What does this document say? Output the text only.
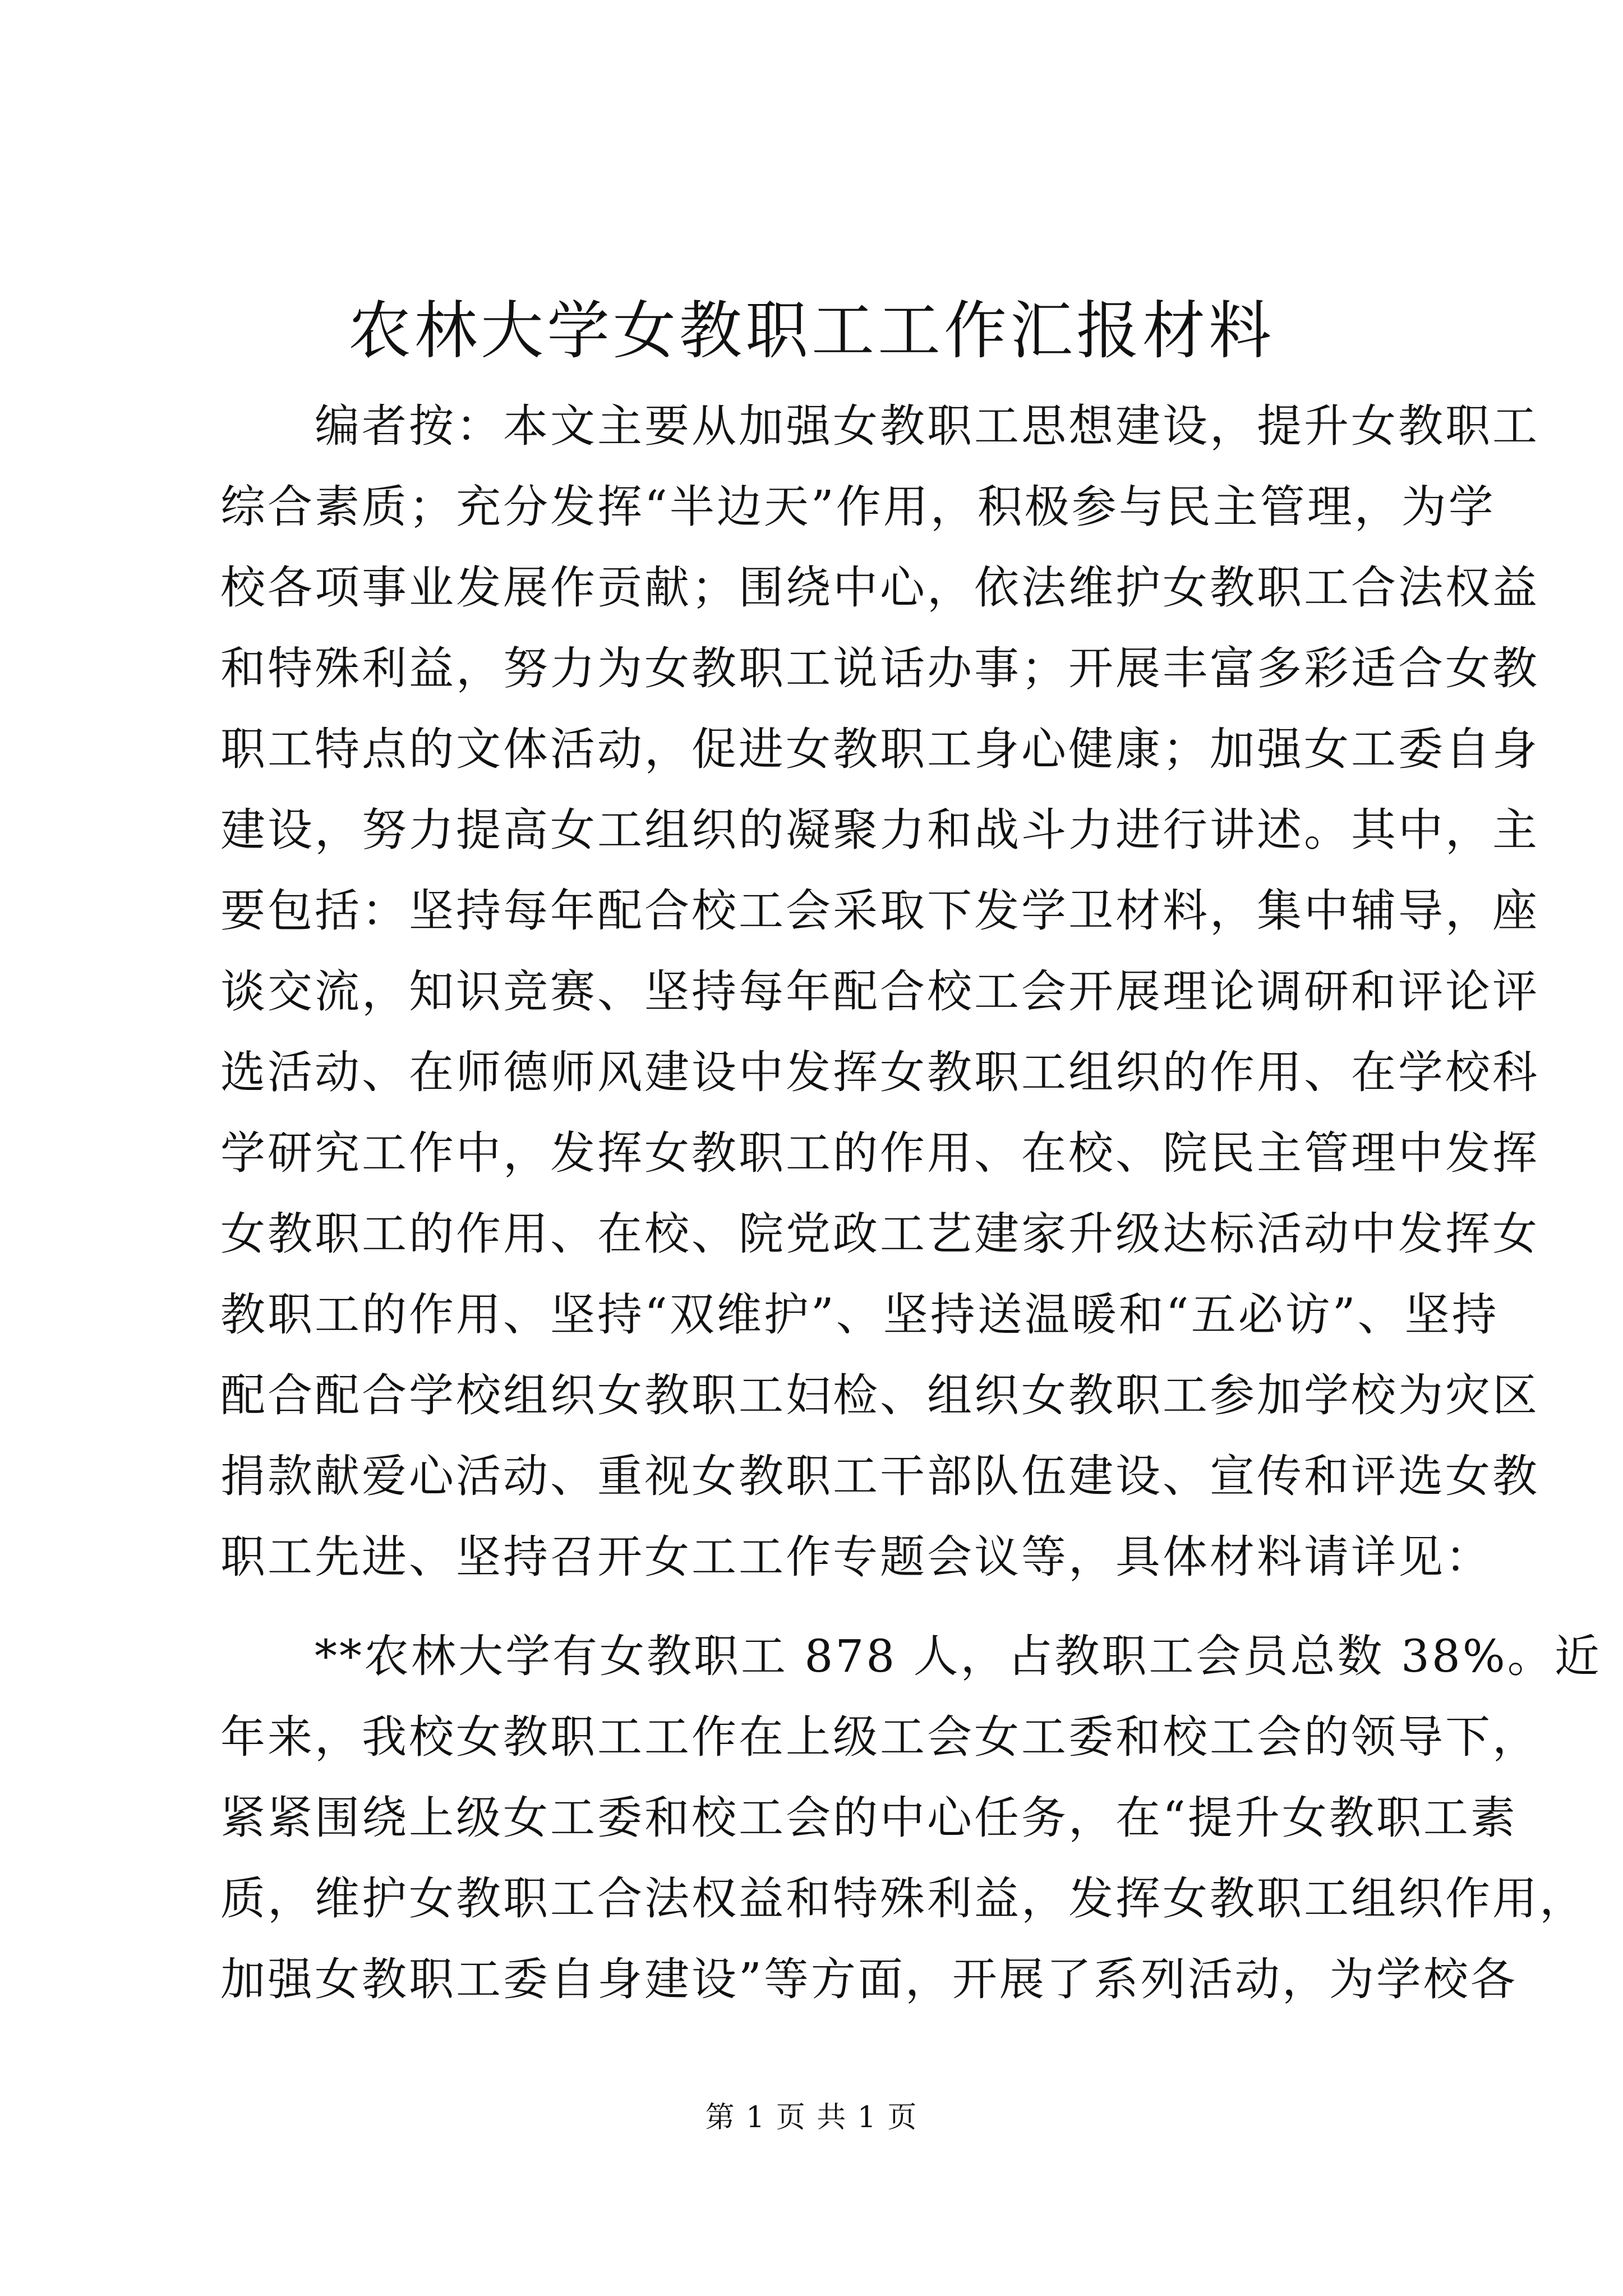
农林大学女教职工工作汇报材料
　　编者按：本文主要从加强女教职工思想建设，提升女教职工
综合素质；充分发挥“半边天”作用，积极参与民主管理，为学
校各项事业发展作贡献；围绕中心，依法维护女教职工合法权益
和特殊利益，努力为女教职工说话办事；开展丰富多彩适合女教
职工特点的文体活动，促进女教职工身心健康；加强女工委自身
建设，努力提高女工组织的凝聚力和战斗力进行讲述。其中，主
要包括：坚持每年配合校工会采取下发学卫材料，集中辅导，座
谈交流，知识竞赛、坚持每年配合校工会开展理论调研和评论评
选活动、在师德师风建设中发挥女教职工组织的作用、在学校科
学研究工作中，发挥女教职工的作用、在校、院民主管理中发挥
女教职工的作用、在校、院党政工艺建家升级达标活动中发挥女
教职工的作用、坚持“双维护”、坚持送温暖和“五必访”、坚持
配合配合学校组织女教职工妇检、组织女教职工参加学校为灾区
捐款献爱心活动、重视女教职工干部队伍建设、宣传和评选女教
职工先进、坚持召开女工工作专题会议等，具体材料请详见：
　　**农林大学有女教职工 878 人，占教职工会员总数 38%。近
年来，我校女教职工工作在上级工会女工委和校工会的领导下，
紧紧围绕上级女工委和校工会的中心任务，在“提升女教职工素
质，维护女教职工合法权益和特殊利益，发挥女教职工组织作用，
加强女教职工委自身建设”等方面，开展了系列活动，为学校各
第 1 页 共 1 页
